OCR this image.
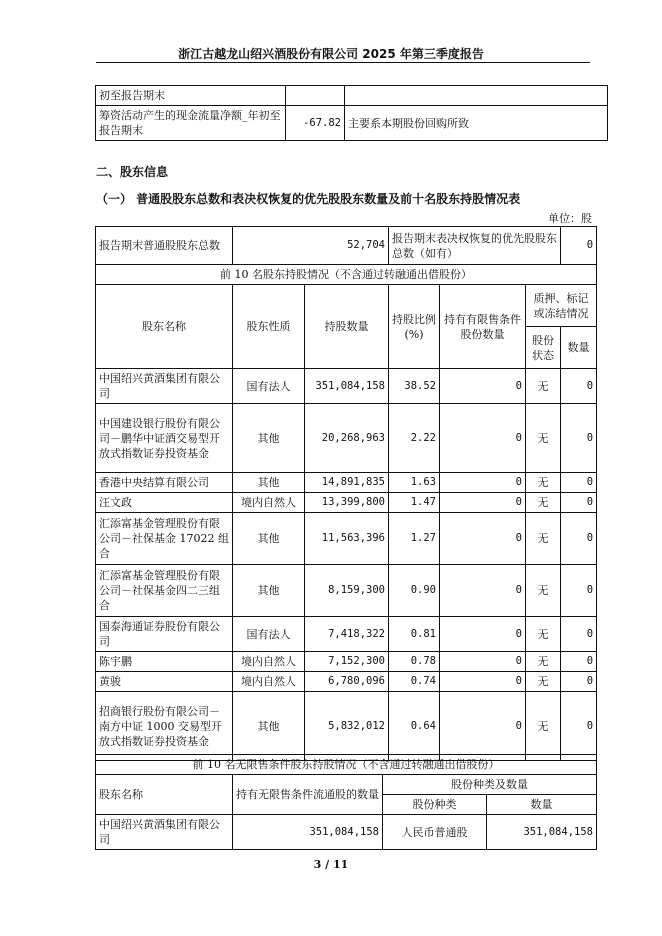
浙江古越龙山绍兴酒股份有限公司 2025 年第三季度报告
初至报告期末		
筹资活动产生的现金流量净额_年初至报告期末	-67.82	主要系本期股份回购所致
二、股东信息
（一） 普通股股东总数和表决权恢复的优先股股东数量及前十名股东持股情况表
单位：股
报告期末普通股股东总数	52,704		报告期末表决权恢复的优先股股东总数（如有）			0
前 10 名股东持股情况（不含通过转融通出借股份）						
股东名称	股东性质	持股数量	持股比例(%)	持有有限售条件股份数量	质押、标记或冻结情况	
					股份状态	数量
中国绍兴黄酒集团有限公司	国有法人	351,084,158	38.52	0	无	0
中国建设银行股份有限公司－鹏华中证酒交易型开放式指数证券投资基金	其他	20,268,963	2.22	0	无	0
香港中央结算有限公司	其他	14,891,835	1.63	0	无	0
汪文政	境内自然人	13,399,800	1.47	0	无	0
汇添富基金管理股份有限公司－社保基金 17022 组合	其他	11,563,396	1.27	0	无	0
汇添富基金管理股份有限公司－社保基金四二三组合	其他	8,159,300	0.90	0	无	0
国泰海通证券股份有限公司	国有法人	7,418,322	0.81	0	无	0
陈宇鹏	境内自然人	7,152,300	0.78	0	无	0
黄骏	境内自然人	6,780,096	0.74	0	无	0
招商银行股份有限公司－南方中证 1000 交易型开放式指数证券投资基金	其他	5,832,012	0.64	0	无	0
前 10 名无限售条件股东持股情况（不含通过转融通出借股份）			
股东名称	持有无限售条件流通股的数量	股份种类及数量	
		股份种类	数量
中国绍兴黄酒集团有限公司	351,084,158	人民币普通股	351,084,158
3 / 11
